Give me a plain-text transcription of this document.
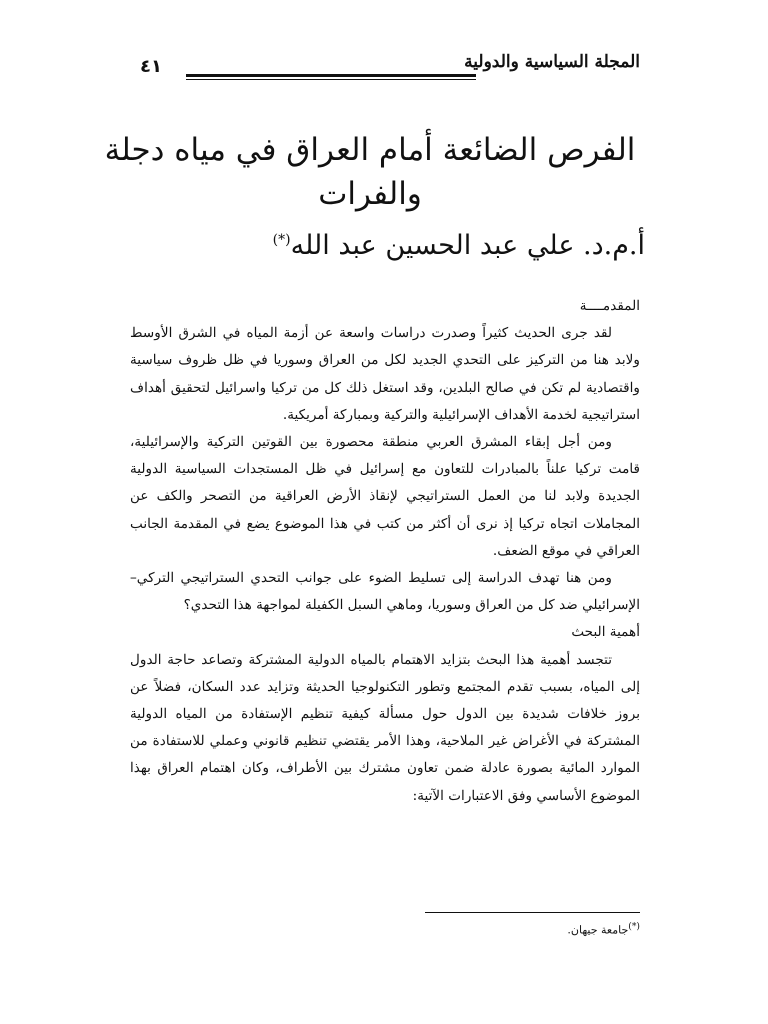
المجلة السياسية والدولية
٤١
الفرص الضائعة أمام العراق في مياه دجلة والفرات
أ.م.د. علي عبد الحسين عبد الله(*)

المقدمــــة

لقد جرى الحديث كثيراً وصدرت دراسات واسعة عن أزمة المياه في الشرق الأوسط ولابد هنا من التركيز على التحدي الجديد لكل من العراق وسوريا في ظل ظروف سياسية واقتصادية لم تكن في صالح البلدين، وقد استغل ذلك كل من تركيا واسرائيل لتحقيق أهداف استراتيجية لخدمة الأهداف الإسرائيلية والتركية وبمباركة أمريكية.

ومن أجل إبقاء المشرق العربي منطقة محصورة بين القوتين التركية والإسرائيلية، قامت تركيا علناً بالمبادرات للتعاون مع إسرائيل في ظل المستجدات السياسية الدولية الجديدة ولابد لنا من العمل الستراتيجي لإنقاذ الأرض العراقية من التصحر والكف عن المجاملات اتجاه تركيا إذ نرى أن أكثر من كتب في هذا الموضوع يضع في المقدمة الجانب العراقي في موقع الضعف.

ومن هنا تهدف الدراسة إلى تسليط الضوء على جوانب التحدي الستراتيجي التركي–الإسرائيلي ضد كل من العراق وسوريا، وماهي السبل الكفيلة لمواجهة هذا التحدي؟

أهمية البحث

تتجسد أهمية هذا البحث بتزايد الاهتمام بالمياه الدولية المشتركة وتصاعد حاجة الدول إلى المياه، بسبب تقدم المجتمع وتطور التكنولوجيا الحديثة وتزايد عدد السكان، فضلاً عن بروز خلافات شديدة بين الدول حول مسألة كيفية تنظيم الإستفادة من المياه الدولية المشتركة في الأغراض غير الملاحية، وهذا الأمر يقتضي تنظيم قانوني وعملي للاستفادة من الموارد المائية بصورة عادلة ضمن تعاون مشترك بين الأطراف، وكان اهتمام العراق بهذا الموضوع الأساسي وفق الاعتبارات الآتية:

(*)جامعة جيهان.
